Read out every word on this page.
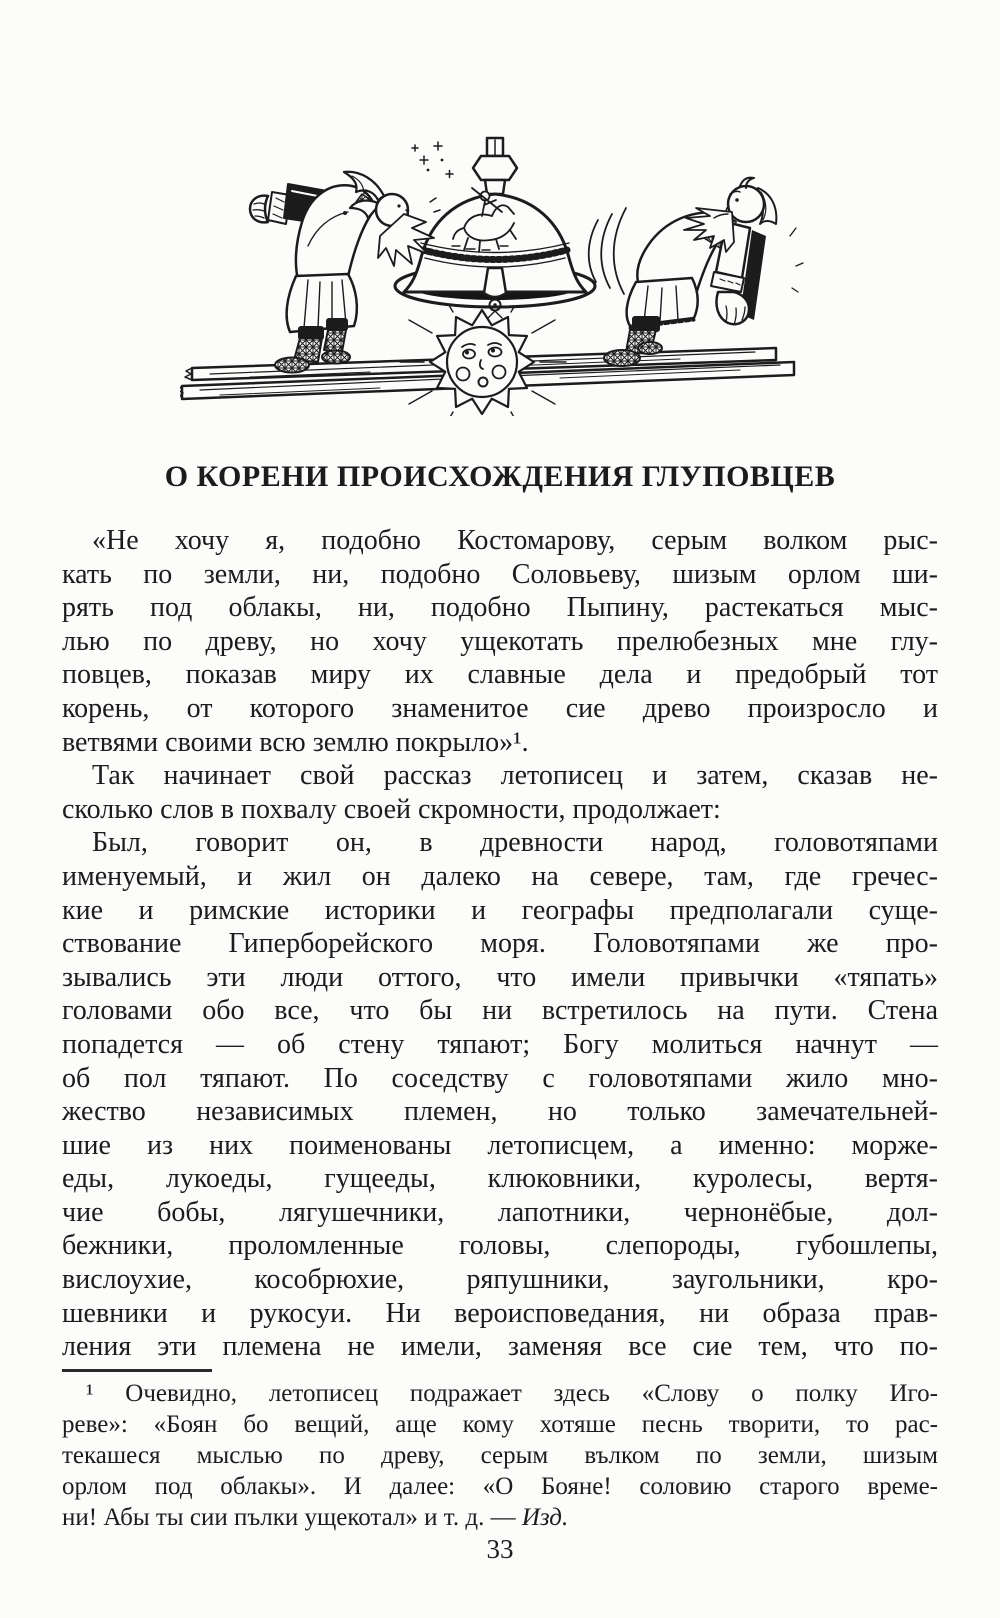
О КОРЕНИ ПРОИСХОЖДЕНИЯ ГЛУПОВЦЕВ
«Не хочу я, подобно Костомарову, серым волком рыс-
кать по земли, ни, подобно Соловьеву, шизым орлом ши-
рять под облакы, ни, подобно Пыпину, растекаться мыс-
лью по древу, но хочу ущекотать прелюбезных мне глу-
повцев, показав миру их славные дела и предобрый тот
корень, от которого знаменитое сие древо произросло и
ветвями своими всю землю покрыло»¹.
Так начинает свой рассказ летописец и затем, сказав не-
сколько слов в похвалу своей скромности, продолжает:
Был, говорит он, в древности народ, головотяпами
именуемый, и жил он далеко на севере, там, где гречес-
кие и римские историки и географы предполагали суще-
ствование Гиперборейского моря. Головотяпами же про-
зывались эти люди оттого, что имели привычки «тяпать»
головами обо все, что бы ни встретилось на пути. Стена
попадется — об стену тяпают; Богу молиться начнут —
об пол тяпают. По соседству с головотяпами жило мно-
жество независимых племен, но только замечательней-
шие из них поименованы летописцем, а именно: морже-
еды, лукоеды, гущееды, клюковники, куролесы, вертя-
чие бобы, лягушечники, лапотники, чернонёбые, дол-
бежники, проломленные головы, слепороды, губошлепы,
вислоухие, кособрюхие, ряпушники, заугольники, кро-
шевники и рукосуи. Ни вероисповедания, ни образа прав-
ления эти племена не имели, заменяя все сие тем, что по-
¹ Очевидно, летописец подражает здесь «Слову о полку Иго-
реве»: «Боян бо вещий, аще кому хотяше песнь творити, то рас-
текашеся мыслью по древу, серым вълком по земли, шизым
орлом под облакы». И далее: «О Бояне! соловию старого време-
ни! Абы ты сии пълки ущекотал» и т. д. — Изд.
33
